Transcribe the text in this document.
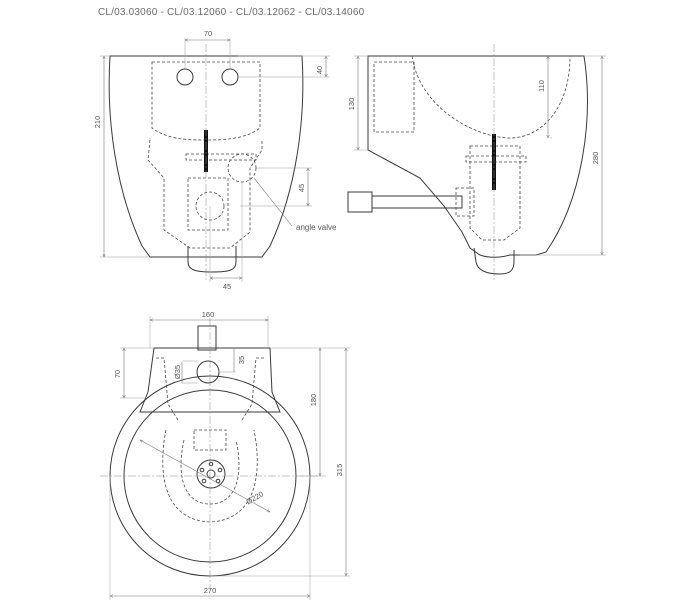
CL/03.03060 - CL/03.12060 - CL/03.12062 - CL/03.14060
70
40
210
45
45
angle valve
110
130
280
160
70	Ø35
35
180
315
Ø220
270
